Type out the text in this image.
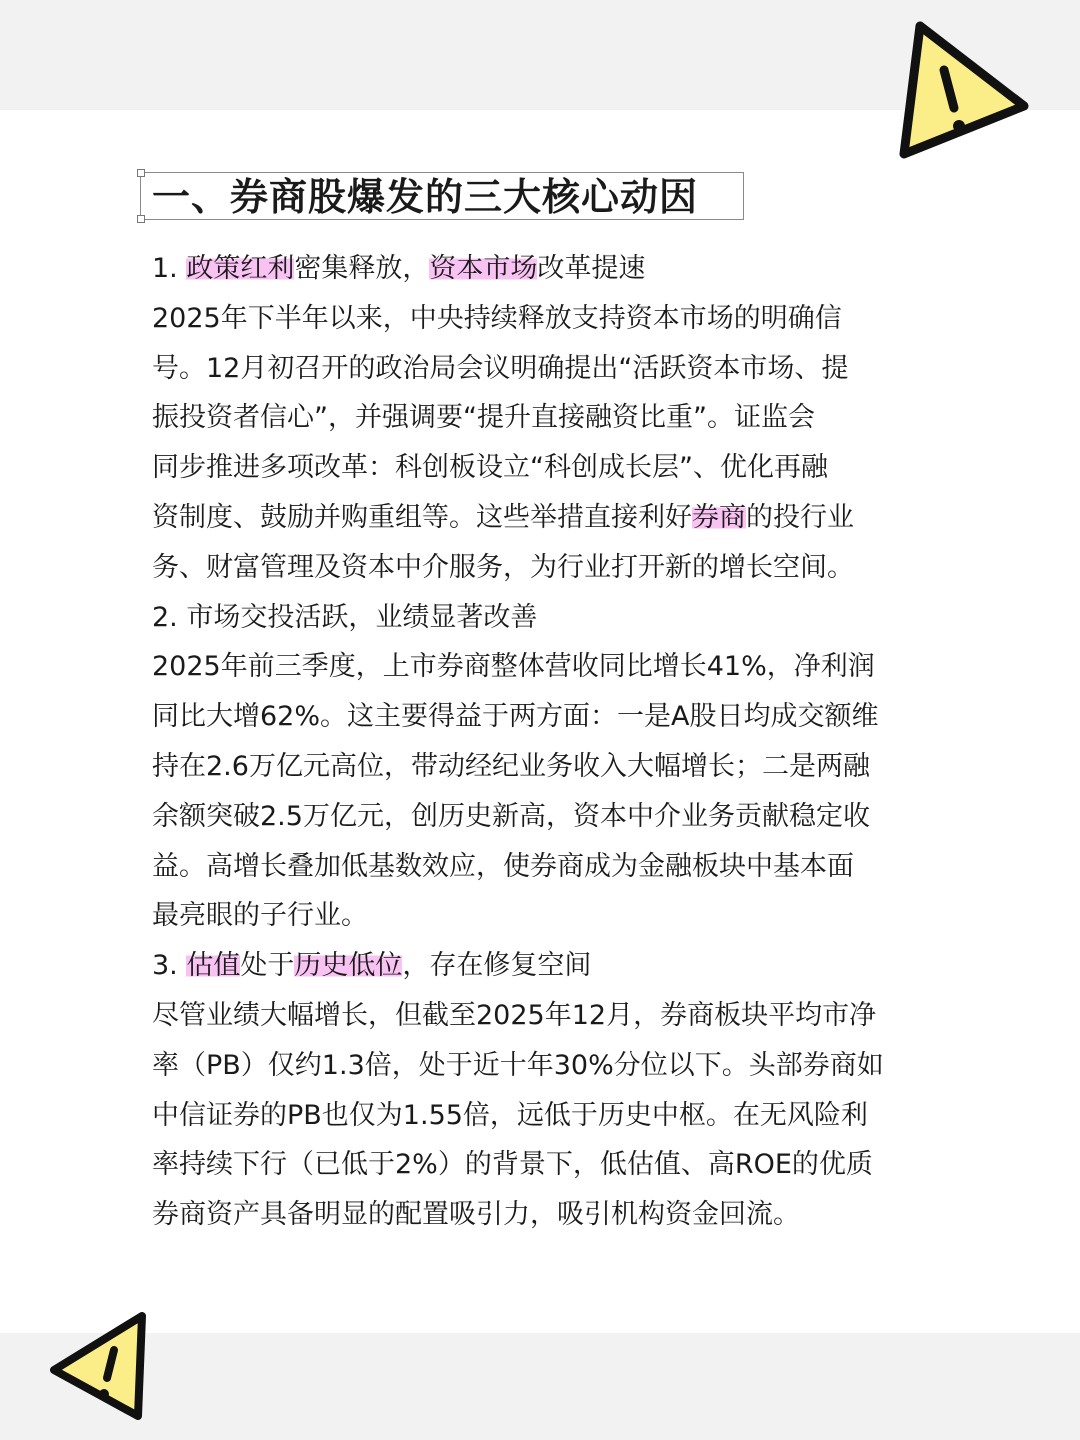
一、券商股爆发的三大核心动因
1. 政策红利密集释放，资本市场改革提速
2025年下半年以来，中央持续释放支持资本市场的明确信
号。12月初召开的政治局会议明确提出“活跃资本市场、提
振投资者信心”，并强调要“提升直接融资比重”。证监会
同步推进多项改革：科创板设立“科创成长层”、优化再融
资制度、鼓励并购重组等。这些举措直接利好券商的投行业
务、财富管理及资本中介服务，为行业打开新的增长空间。
2. 市场交投活跃，业绩显著改善
2025年前三季度，上市券商整体营收同比增长41%，净利润
同比大增62%。这主要得益于两方面：一是A股日均成交额维
持在2.6万亿元高位，带动经纪业务收入大幅增长；二是两融
余额突破2.5万亿元，创历史新高，资本中介业务贡献稳定收
益。高增长叠加低基数效应，使券商成为金融板块中基本面
最亮眼的子行业。
3. 估值处于历史低位，存在修复空间
尽管业绩大幅增长，但截至2025年12月，券商板块平均市净
率（PB）仅约1.3倍，处于近十年30%分位以下。头部券商如
中信证券的PB也仅为1.55倍，远低于历史中枢。在无风险利
率持续下行（已低于2%）的背景下，低估值、高ROE的优质
券商资产具备明显的配置吸引力，吸引机构资金回流。
